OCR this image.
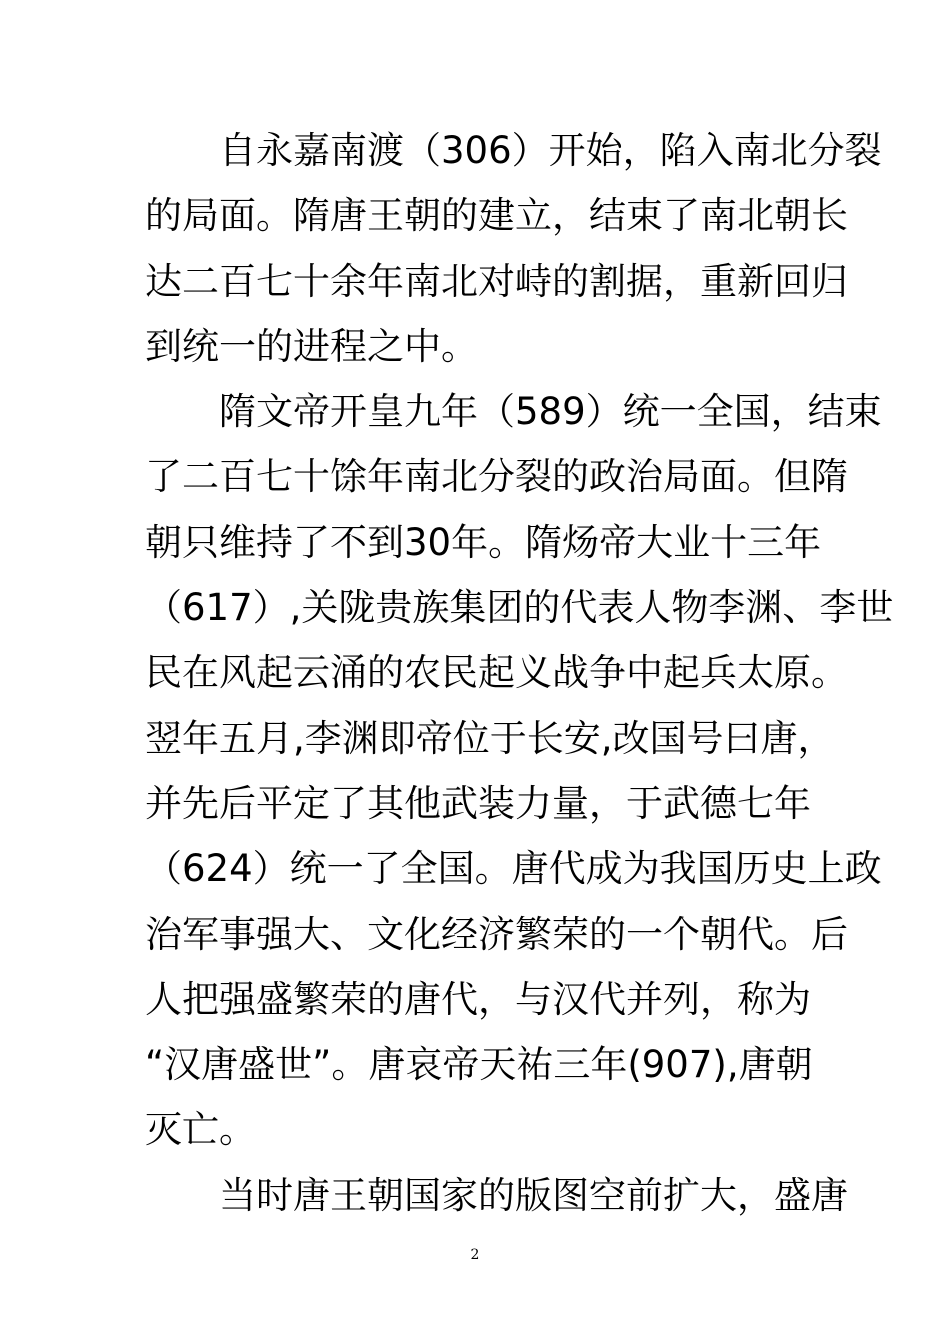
自永嘉南渡（306）开始，陷入南北分裂
的局面。隋唐王朝的建立，结束了南北朝长
达二百七十余年南北对峙的割据，重新回归
到统一的进程之中。
隋文帝开皇九年（589）统一全国，结束
了二百七十馀年南北分裂的政治局面。但隋
朝只维持了不到30年。隋炀帝大业十三年
（617）,关陇贵族集团的代表人物李渊、李世
民在风起云涌的农民起义战争中起兵太原。
翌年五月,李渊即帝位于长安,改国号曰唐，
并先后平定了其他武装力量，于武德七年
（624）统一了全国。唐代成为我国历史上政
治军事强大、文化经济繁荣的一个朝代。后
人把强盛繁荣的唐代，与汉代并列，称为
“汉唐盛世”。唐哀帝天祐三年(907),唐朝
灭亡。
当时唐王朝国家的版图空前扩大，盛唐
2
